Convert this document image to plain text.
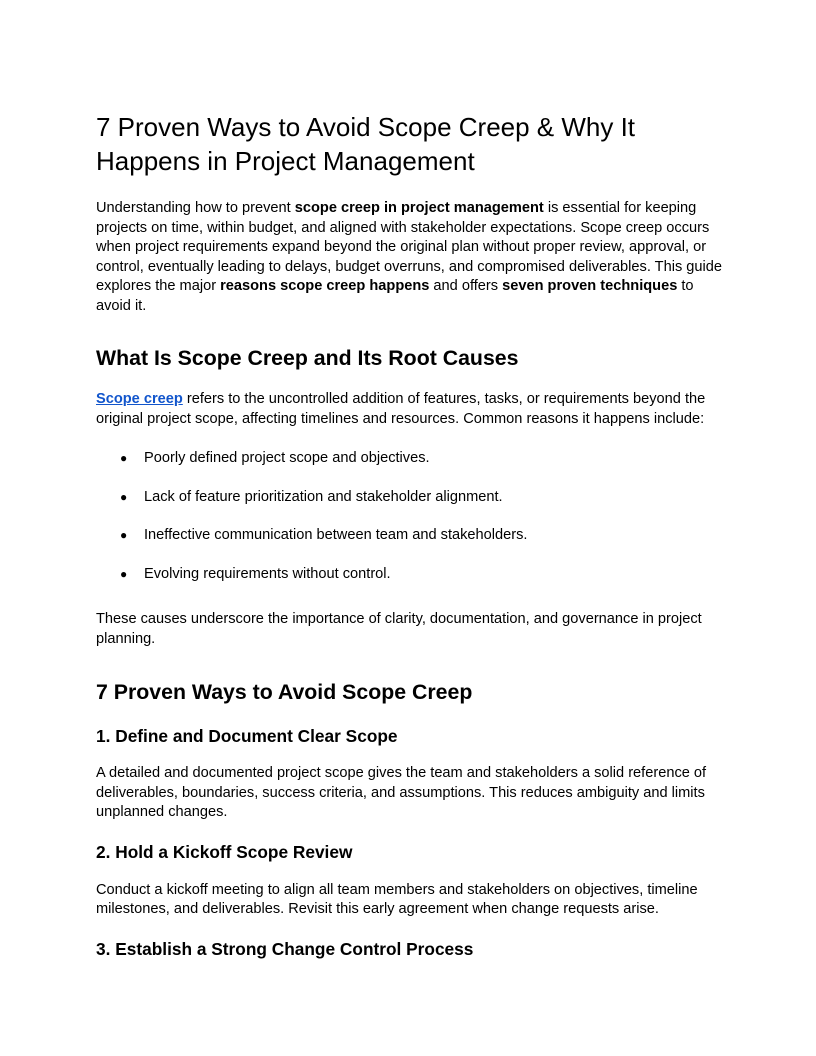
7 Proven Ways to Avoid Scope Creep & Why It Happens in Project Management

Understanding how to prevent scope creep in project management is essential for keeping projects on time, within budget, and aligned with stakeholder expectations. Scope creep occurs when project requirements expand beyond the original plan without proper review, approval, or control, eventually leading to delays, budget overruns, and compromised deliverables. This guide explores the major reasons scope creep happens and offers seven proven techniques to avoid it.

What Is Scope Creep and Its Root Causes

Scope creep refers to the uncontrolled addition of features, tasks, or requirements beyond the original project scope, affecting timelines and resources. Common reasons it happens include:

● Poorly defined project scope and objectives.
● Lack of feature prioritization and stakeholder alignment.
● Ineffective communication between team and stakeholders.
● Evolving requirements without control.

These causes underscore the importance of clarity, documentation, and governance in project planning.

7 Proven Ways to Avoid Scope Creep
1. Define and Document Clear Scope

A detailed and documented project scope gives the team and stakeholders a solid reference of deliverables, boundaries, success criteria, and assumptions. This reduces ambiguity and limits unplanned changes.

2. Hold a Kickoff Scope Review

Conduct a kickoff meeting to align all team members and stakeholders on objectives, timeline milestones, and deliverables. Revisit this early agreement when change requests arise.

3. Establish a Strong Change Control Process
